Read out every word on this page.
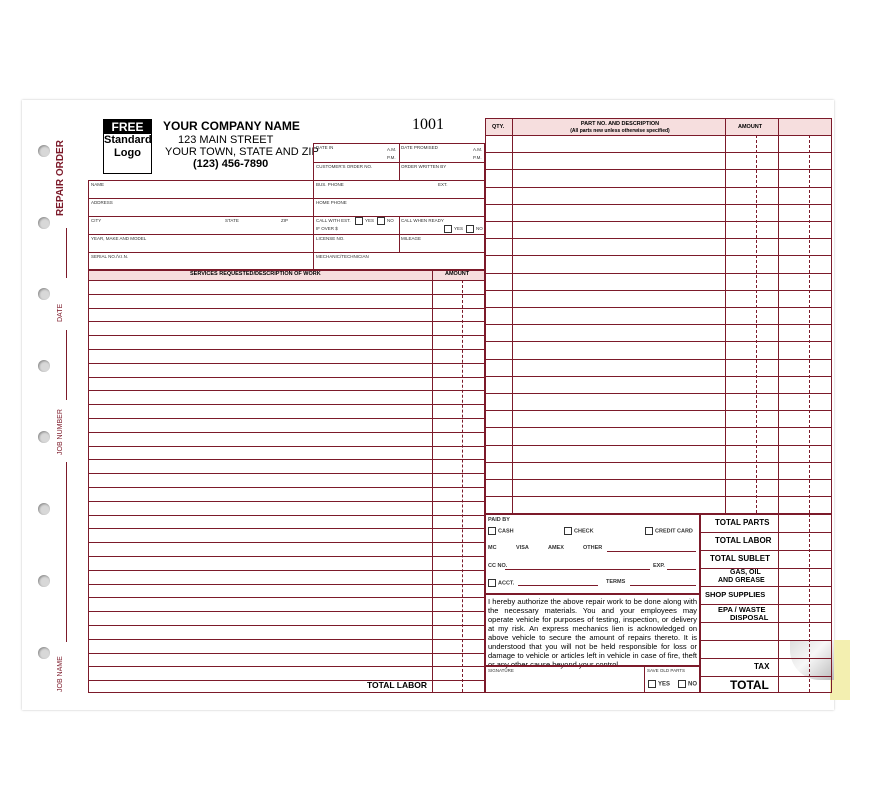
REPAIR ORDER
DATE
JOB NUMBER
JOB NAME
FREE
Standard
Logo
YOUR COMPANY NAME
123 MAIN STREET
YOUR TOWN, STATE AND ZIP
(123) 456-7890
1001
DATE IN	A.M.
P.M.
DATE PROMISED	A.M.
P.M.
CUSTOMER'S ORDER NO.	ORDER WRITTEN BY
NAME	BUS. PHONE	EXT.
ADDRESS	HOME PHONE
CITY	STATE	ZIP	CALL WITH EST.	YES	NO
IF OVER $
CALL WHEN READY
YES	NO
YEAR, MAKE AND MODEL	LICENSE NO.	MILEAGE
SERIAL NO./V.I.N.	MECHANIC/TECHNICIAN
SERVICES REQUESTED/DESCRIPTION OF WORK	AMOUNT
TOTAL LABOR
QTY.	PART NO. AND DESCRIPTION
(All parts new unless otherwise specified)
AMOUNT
PAID BY
CASH	CHECK	CREDIT CARD
MC	VISA	AMEX	OTHER
CC NO.	EXP.
ACCT.	TERMS
I hereby authorize the above repair work to be done along with the necessary materials. You and your employees may operate vehicle for purposes of testing, inspection, or delivery at my risk. An express mechanics lien is acknowledged on above vehicle to secure the amount of repairs thereto. It is understood that you will not be held responsible for loss or damage to vehicle or articles left in vehicle in case of fire, theft or any other cause beyond your control.
SIGNATURE	SAVE OLD PARTS
YES	NO
TOTAL PARTS
TOTAL LABOR
TOTAL SUBLET
GAS, OIL
AND GREASE
SHOP SUPPLIES
EPA / WASTE
DISPOSAL
TAX
TOTAL
